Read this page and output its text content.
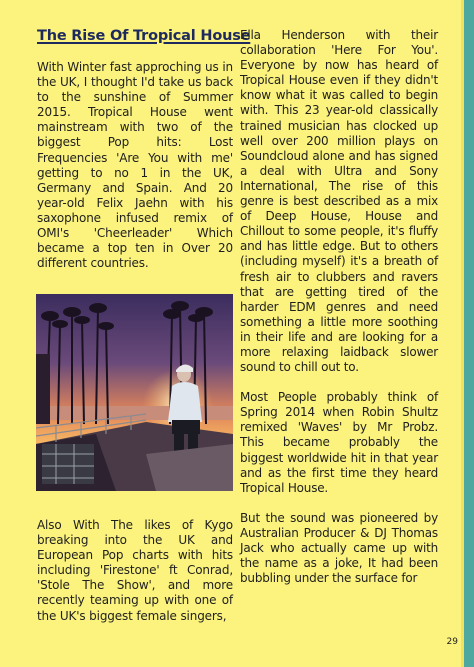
The Rise Of Tropical House

With Winter fast approching us in the UK, I thought I'd take us back to the sunshine of Summer 2015. Tropical House went mainstream with two of the biggest Pop hits: Lost Frequencies 'Are You with me' getting to no 1 in the UK, Germany and Spain. And 20 year-old Felix Jaehn with his saxophone infused remix of OMI's 'Cheerleader' Which became a top ten in Over 20 different countries.

Also With The likes of Kygo breaking into the UK and European Pop charts with hits including 'Firestone' ft Conrad, 'Stole The Show', and more recently teaming up with one of the UK's biggest female singers,

Ella Henderson with their collaboration 'Here For You'. Everyone by now has heard of Tropical House even if they didn't know what it was called to begin with. This 23 year-old classically trained musician has clocked up well over 200 million plays on Soundcloud alone and has signed a deal with Ultra and Sony International, The rise of this genre is best described as a mix of Deep House, House and Chillout to some people, it's fluffy and has little edge. But to others (including myself) it's a breath of fresh air to clubbers and ravers that are getting tired of the harder EDM genres and need something a little more soothing in their life and are looking for a more relaxing laidback slower sound to chill out to.

Most People probably think of Spring 2014 when Robin Shultz remixed 'Waves' by Mr Probz. This became probably the biggest worldwide hit in that year and as the first time they heard Tropical House.

But the sound was pioneered by Australian Producer & DJ Thomas Jack who actually came up with the name as a joke, It had been bubbling under the surface for

29
